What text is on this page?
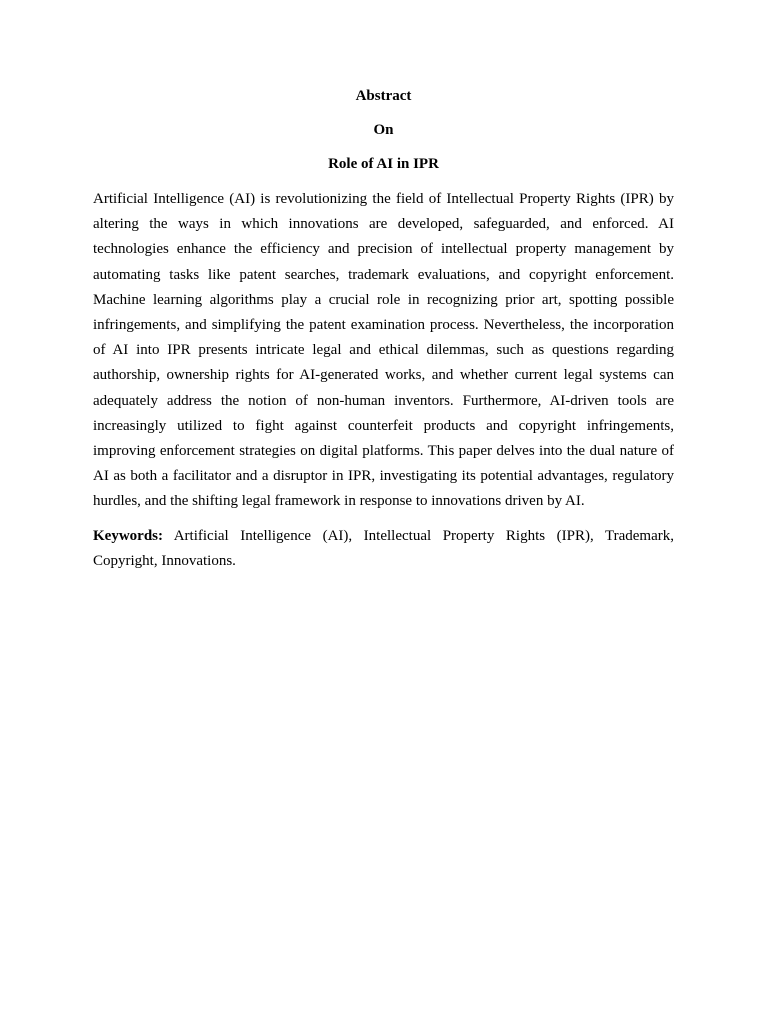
Abstract

On

Role of AI in IPR

Artificial Intelligence (AI) is revolutionizing the field of Intellectual Property Rights (IPR) by altering the ways in which innovations are developed, safeguarded, and enforced. AI technologies enhance the efficiency and precision of intellectual property management by automating tasks like patent searches, trademark evaluations, and copyright enforcement. Machine learning algorithms play a crucial role in recognizing prior art, spotting possible infringements, and simplifying the patent examination process. Nevertheless, the incorporation of AI into IPR presents intricate legal and ethical dilemmas, such as questions regarding authorship, ownership rights for AI-generated works, and whether current legal systems can adequately address the notion of non-human inventors. Furthermore, AI-driven tools are increasingly utilized to fight against counterfeit products and copyright infringements, improving enforcement strategies on digital platforms. This paper delves into the dual nature of AI as both a facilitator and a disruptor in IPR, investigating its potential advantages, regulatory hurdles, and the shifting legal framework in response to innovations driven by AI.

Keywords: Artificial Intelligence (AI), Intellectual Property Rights (IPR), Trademark, Copyright, Innovations.
